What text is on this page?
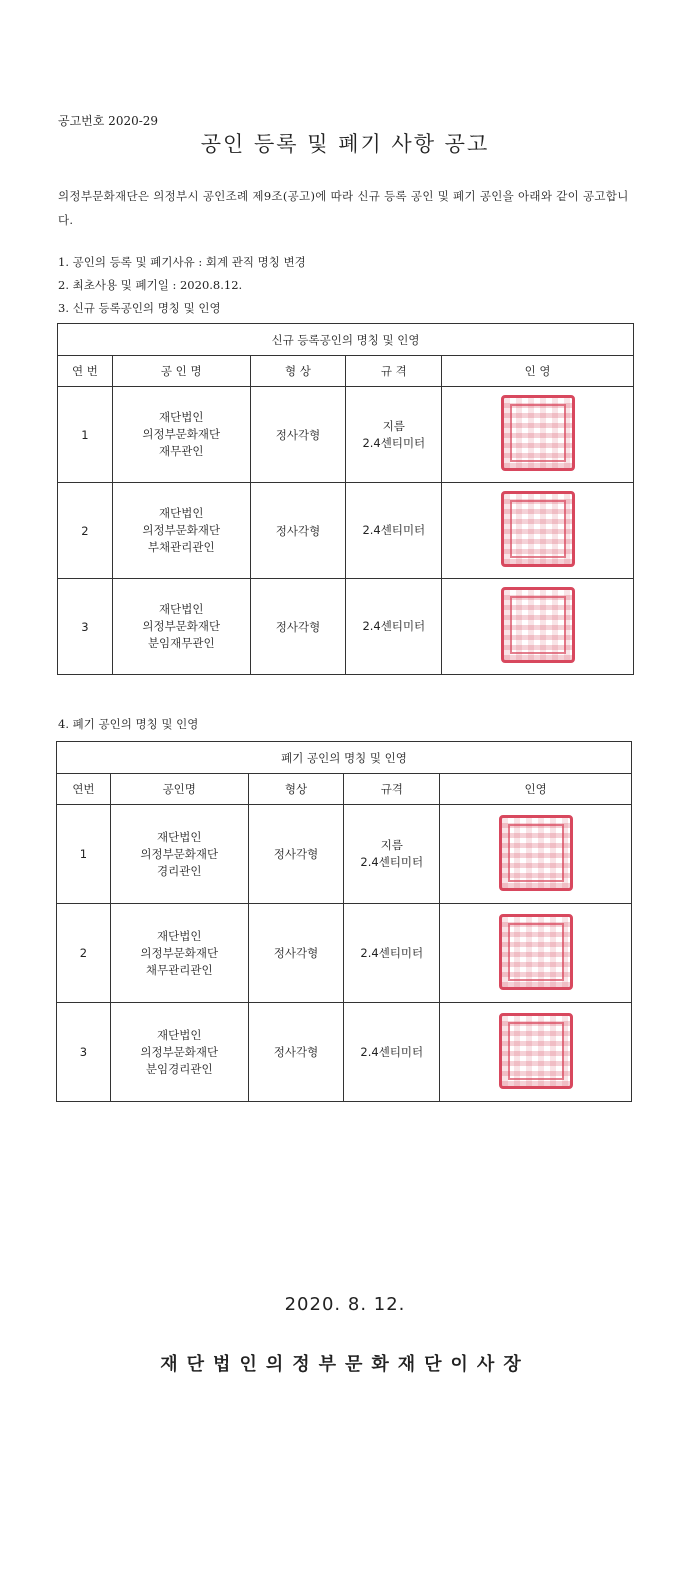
공고번호 2020-29
공인 등록 및 폐기 사항 공고
의정부문화재단은 의정부시 공인조례 제9조(공고)에 따라 신규 등록 공인 및 폐기 공인을 아래와 같이 공고합니다.
1. 공인의 등록 및 폐기사유 : 회계 관직 명칭 변경
2. 최초사용 및 폐기일 : 2020.8.12.
3. 신규 등록공인의 명칭 및 인영
신규 등록공인의 명칭 및 인영				
연 번	공 인 명	형 상	규 격	인 영
1	재단법인
의정부문화재단
재무관인	정사각형	지름
2.4센티미터	

2	재단법인
의정부문화재단
부채관리관인	정사각형	2.4센티미터	

3	재단법인
의정부문화재단
분임재무관인	정사각형	2.4센티미터	

4. 폐기 공인의 명칭 및 인영
폐기 공인의 명칭 및 인영				
연번	공인명	형상	규격	인영
1	재단법인
의정부문화재단
경리관인	정사각형	지름
2.4센티미터	

2	재단법인
의정부문화재단
채무관리관인	정사각형	2.4센티미터	

3	재단법인
의정부문화재단
분임경리관인	정사각형	2.4센티미터	

2020. 8. 12.
재단법인의정부문화재단이사장
